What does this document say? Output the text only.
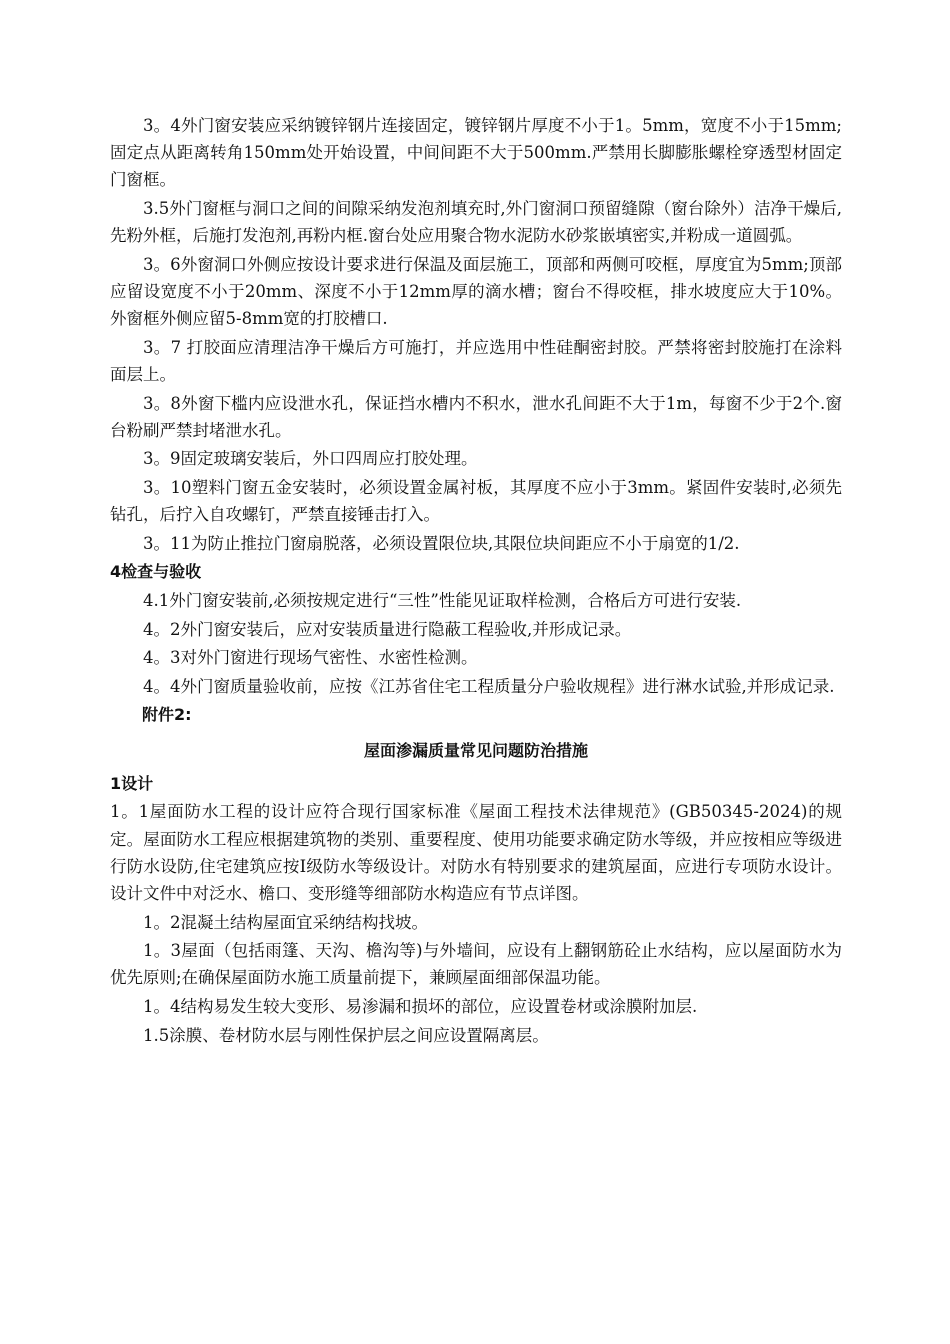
3。4外门窗安装应采纳镀锌钢片连接固定，镀锌钢片厚度不小于1。5mm，宽度不小于15mm;固定点从距离转角150mm处开始设置，中间间距不大于500mm.严禁用长脚膨胀螺栓穿透型材固定门窗框。

3.5外门窗框与洞口之间的间隙采纳发泡剂填充时,外门窗洞口预留缝隙（窗台除外）洁净干燥后,先粉外框，后施打发泡剂,再粉内框.窗台处应用聚合物水泥防水砂浆嵌填密实,并粉成一道圆弧。

3。6外窗洞口外侧应按设计要求进行保温及面层施工，顶部和两侧可咬框，厚度宜为5mm;顶部应留设宽度不小于20mm、深度不小于12mm厚的滴水槽；窗台不得咬框，排水坡度应大于10%。外窗框外侧应留5-8mm宽的打胶槽口.

3。7 打胶面应清理洁净干燥后方可施打，并应选用中性硅酮密封胶。严禁将密封胶施打在涂料面层上。

3。8外窗下槛内应设泄水孔，保证挡水槽内不积水，泄水孔间距不大于1m，每窗不少于2个.窗台粉刷严禁封堵泄水孔。

3。9固定玻璃安装后，外口四周应打胶处理。

3。10塑料门窗五金安装时，必须设置金属衬板，其厚度不应小于3mm。紧固件安装时,必须先钻孔，后拧入自攻螺钉，严禁直接锤击打入。

3。11为防止推拉门窗扇脱落，必须设置限位块,其限位块间距应不小于扇宽的1/2.

4检查与验收

4.1外门窗安装前,必须按规定进行“三性”性能见证取样检测，合格后方可进行安装.

4。2外门窗安装后，应对安装质量进行隐蔽工程验收,并形成记录。

4。3对外门窗进行现场气密性、水密性检测。

4。4外门窗质量验收前，应按《江苏省住宅工程质量分户验收规程》进行淋水试验,并形成记录.

附件2:
屋面渗漏质量常见问题防治措施
1设计

1。1屋面防水工程的设计应符合现行国家标准《屋面工程技术法律规范》(GB50345-2024)的规定。屋面防水工程应根据建筑物的类别、重要程度、使用功能要求确定防水等级，并应按相应等级进行防水设防,住宅建筑应按Ⅰ级防水等级设计。对防水有特别要求的建筑屋面，应进行专项防水设计。设计文件中对泛水、檐口、变形缝等细部防水构造应有节点详图。

1。2混凝土结构屋面宜采纳结构找坡。

1。3屋面（包括雨篷、天沟、檐沟等)与外墙间，应设有上翻钢筋砼止水结构，应以屋面防水为优先原则;在确保屋面防水施工质量前提下，兼顾屋面细部保温功能。

1。4结构易发生较大变形、易渗漏和损坏的部位，应设置卷材或涂膜附加层.

1.5涂膜、卷材防水层与刚性保护层之间应设置隔离层。
